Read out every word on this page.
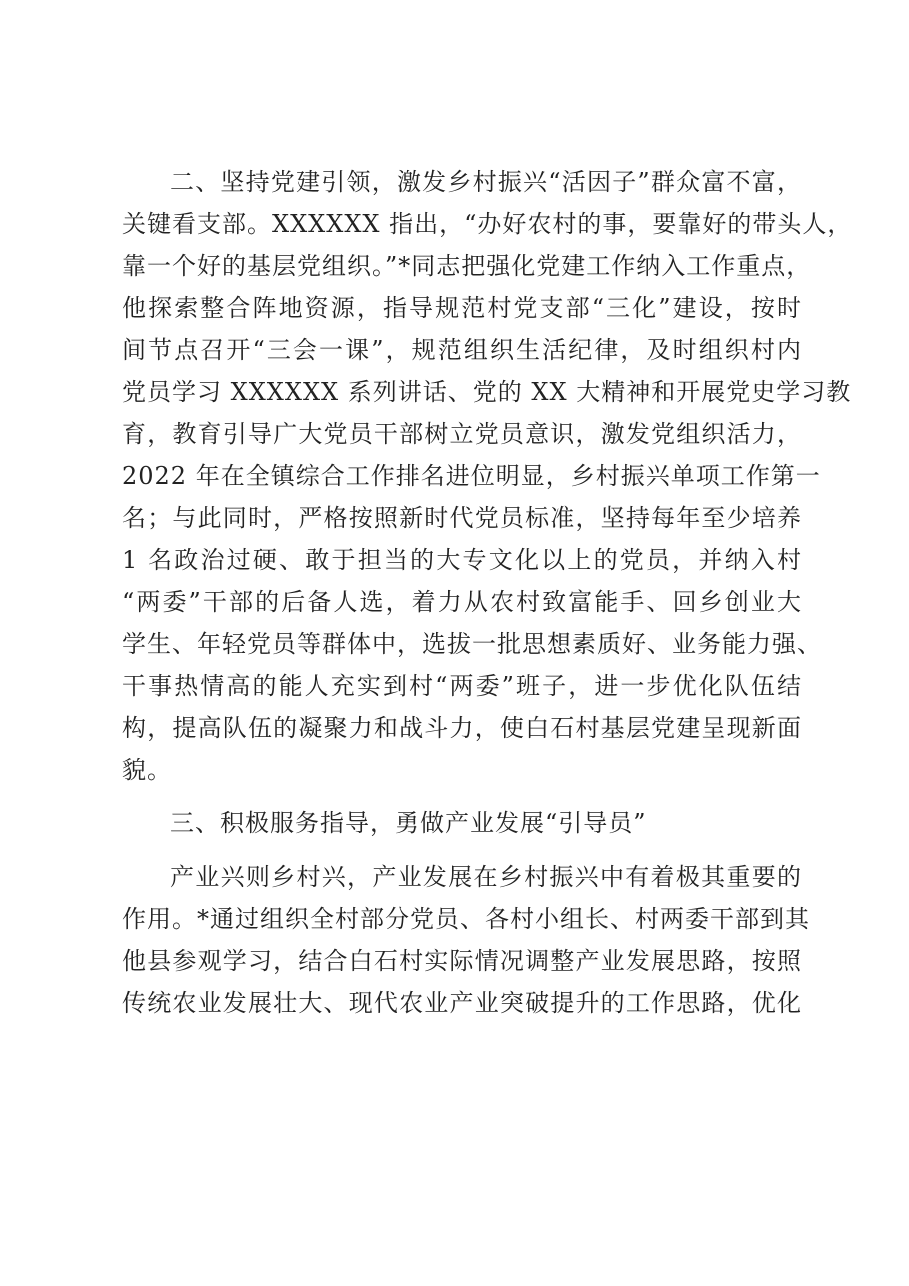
二、坚持党建引领，激发乡村振兴“活因子”群众富不富，
关键看支部。XXXXXX 指出，“办好农村的事，要靠好的带头人，
靠一个好的基层党组织。”*同志把强化党建工作纳入工作重点，
他探索整合阵地资源，指导规范村党支部“三化”建设，按时
间节点召开“三会一课”，规范组织生活纪律，及时组织村内
党员学习 XXXXXX 系列讲话、党的 XX 大精神和开展党史学习教
育，教育引导广大党员干部树立党员意识，激发党组织活力，
2022 年在全镇综合工作排名进位明显，乡村振兴单项工作第一
名；与此同时，严格按照新时代党员标准，坚持每年至少培养
1 名政治过硬、敢于担当的大专文化以上的党员，并纳入村
“两委”干部的后备人选，着力从农村致富能手、回乡创业大
学生、年轻党员等群体中，选拔一批思想素质好、业务能力强、
干事热情高的能人充实到村“两委”班子，进一步优化队伍结
构，提高队伍的凝聚力和战斗力，使白石村基层党建呈现新面
貌。
三、积极服务指导，勇做产业发展“引导员”
产业兴则乡村兴，产业发展在乡村振兴中有着极其重要的
作用。*通过组织全村部分党员、各村小组长、村两委干部到其
他县参观学习，结合白石村实际情况调整产业发展思路，按照
传统农业发展壮大、现代农业产业突破提升的工作思路，优化
